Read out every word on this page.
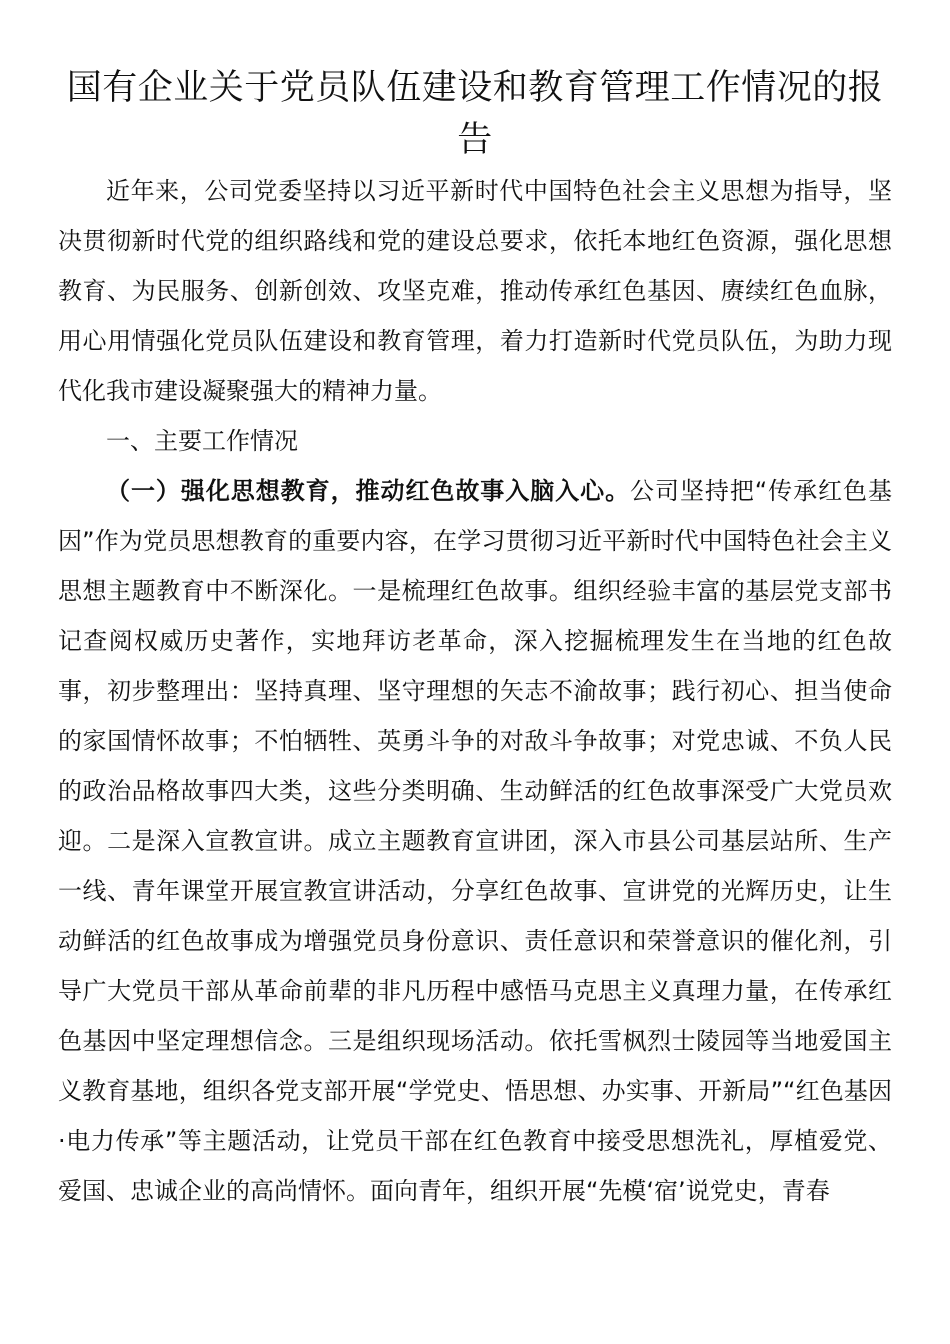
国有企业关于党员队伍建设和教育管理工作情况的报告

近年来，公司党委坚持以习近平新时代中国特色社会主义思想为指导，坚决贯彻新时代党的组织路线和党的建设总要求，依托本地红色资源，强化思想教育、为民服务、创新创效、攻坚克难，推动传承红色基因、赓续红色血脉，用心用情强化党员队伍建设和教育管理，着力打造新时代党员队伍，为助力现代化我市建设凝聚强大的精神力量。

一、主要工作情况

（一）强化思想教育，推动红色故事入脑入心。公司坚持把“传承红色基因”作为党员思想教育的重要内容，在学习贯彻习近平新时代中国特色社会主义思想主题教育中不断深化。一是梳理红色故事。组织经验丰富的基层党支部书记查阅权威历史著作，实地拜访老革命，深入挖掘梳理发生在当地的红色故事，初步整理出：坚持真理、坚守理想的矢志不渝故事；践行初心、担当使命的家国情怀故事；不怕牺牲、英勇斗争的对敌斗争故事；对党忠诚、不负人民的政治品格故事四大类，这些分类明确、生动鲜活的红色故事深受广大党员欢迎。二是深入宣教宣讲。成立主题教育宣讲团，深入市县公司基层站所、生产一线、青年课堂开展宣教宣讲活动，分享红色故事、宣讲党的光辉历史，让生动鲜活的红色故事成为增强党员身份意识、责任意识和荣誉意识的催化剂，引导广大党员干部从革命前辈的非凡历程中感悟马克思主义真理力量，在传承红色基因中坚定理想信念。三是组织现场活动。依托雪枫烈士陵园等当地爱国主义教育基地，组织各党支部开展“学党史、悟思想、办实事、开新局”“红色基因·电力传承”等主题活动，让党员干部在红色教育中接受思想洗礼，厚植爱党、爱国、忠诚企业的高尚情怀。面向青年，组织开展“先模‘宿’说党史，青春
